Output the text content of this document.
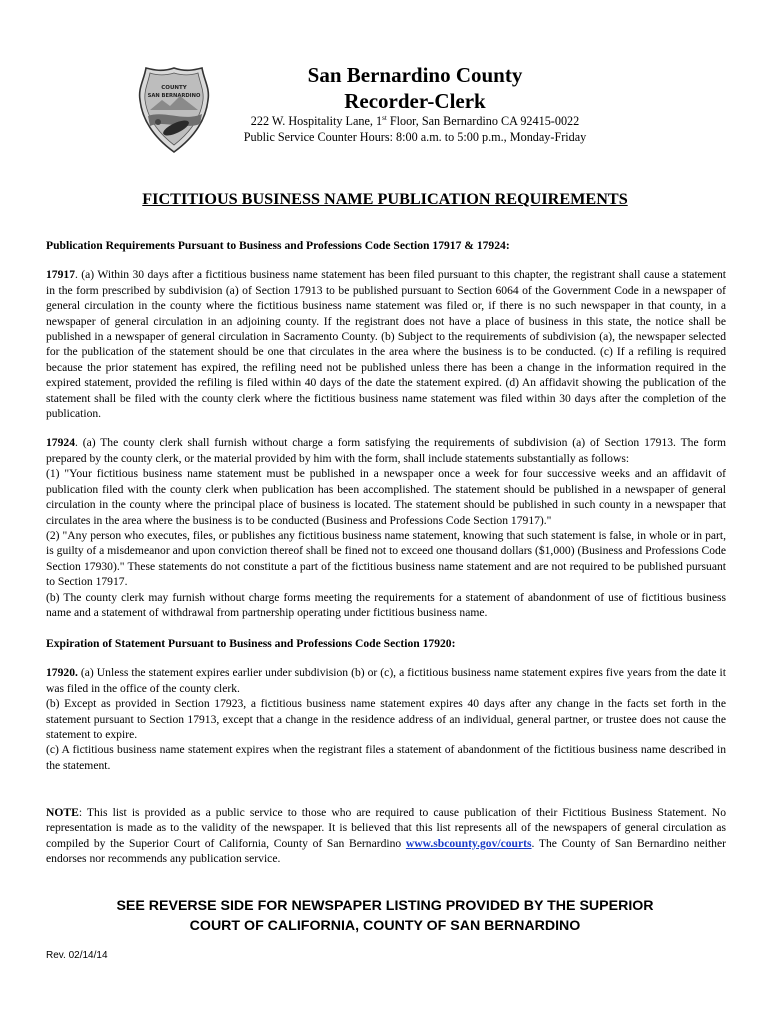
COUNTY
SAN BERNARDINO
San Bernardino County
Recorder-Clerk
222 W. Hospitality Lane, 1st Floor, San Bernardino CA 92415-0022
Public Service Counter Hours: 8:00 a.m. to 5:00 p.m., Monday-Friday
FICTITIOUS BUSINESS NAME PUBLICATION REQUIREMENTS

Publication Requirements Pursuant to Business and Professions Code Section 17917 & 17924:

17917. (a) Within 30 days after a fictitious business name statement has been filed pursuant to this chapter, the registrant shall cause a statement in the form prescribed by subdivision (a) of Section 17913 to be published pursuant to Section 6064 of the Government Code in a newspaper of general circulation in the county where the fictitious business name statement was filed or, if there is no such newspaper in that county, in a newspaper of general circulation in an adjoining county. If the registrant does not have a place of business in this state, the notice shall be published in a newspaper of general circulation in Sacramento County. (b) Subject to the requirements of subdivision (a), the newspaper selected for the publication of the statement should be one that circulates in the area where the business is to be conducted. (c) If a refiling is required because the prior statement has expired, the refiling need not be published unless there has been a change in the information required in the expired statement, provided the refiling is filed within 40 days of the date the statement expired. (d) An affidavit showing the publication of the statement shall be filed with the county clerk where the fictitious business name statement was filed within 30 days after the completion of the publication.

17924. (a) The county clerk shall furnish without charge a form satisfying the requirements of subdivision (a) of Section 17913. The form prepared by the county clerk, or the material provided by him with the form, shall include statements substantially as follows:

(1) "Your fictitious business name statement must be published in a newspaper once a week for four successive weeks and an affidavit of publication filed with the county clerk when publication has been accomplished. The statement should be published in a newspaper of general circulation in the county where the principal place of business is located. The statement should be published in such county in a newspaper that circulates in the area where the business is to be conducted (Business and Professions Code Section 17917)."

(2) "Any person who executes, files, or publishes any fictitious business name statement, knowing that such statement is false, in whole or in part, is guilty of a misdemeanor and upon conviction thereof shall be fined not to exceed one thousand dollars ($1,000) (Business and Professions Code Section 17930)." These statements do not constitute a part of the fictitious business name statement and are not required to be published pursuant to Section 17917.

(b) The county clerk may furnish without charge forms meeting the requirements for a statement of abandonment of use of fictitious business name and a statement of withdrawal from partnership operating under fictitious business name.

Expiration of Statement Pursuant to Business and Professions Code Section 17920:

17920. (a) Unless the statement expires earlier under subdivision (b) or (c), a fictitious business name statement expires five years from the date it was filed in the office of the county clerk.

(b) Except as provided in Section 17923, a fictitious business name statement expires 40 days after any change in the facts set forth in the statement pursuant to Section 17913, except that a change in the residence address of an individual, general partner, or trustee does not cause the statement to expire.

(c) A fictitious business name statement expires when the registrant files a statement of abandonment of the fictitious business name described in the statement.

NOTE: This list is provided as a public service to those who are required to cause publication of their Fictitious Business Statement. No representation is made as to the validity of the newspaper. It is believed that this list represents all of the newspapers of general circulation as compiled by the Superior Court of California, County of San Bernardino www.sbcounty.gov/courts. The County of San Bernardino neither endorses nor recommends any publication service.

SEE REVERSE SIDE FOR NEWSPAPER LISTING PROVIDED BY THE SUPERIOR
COURT OF CALIFORNIA, COUNTY OF SAN BERNARDINO
Rev. 02/14/14
